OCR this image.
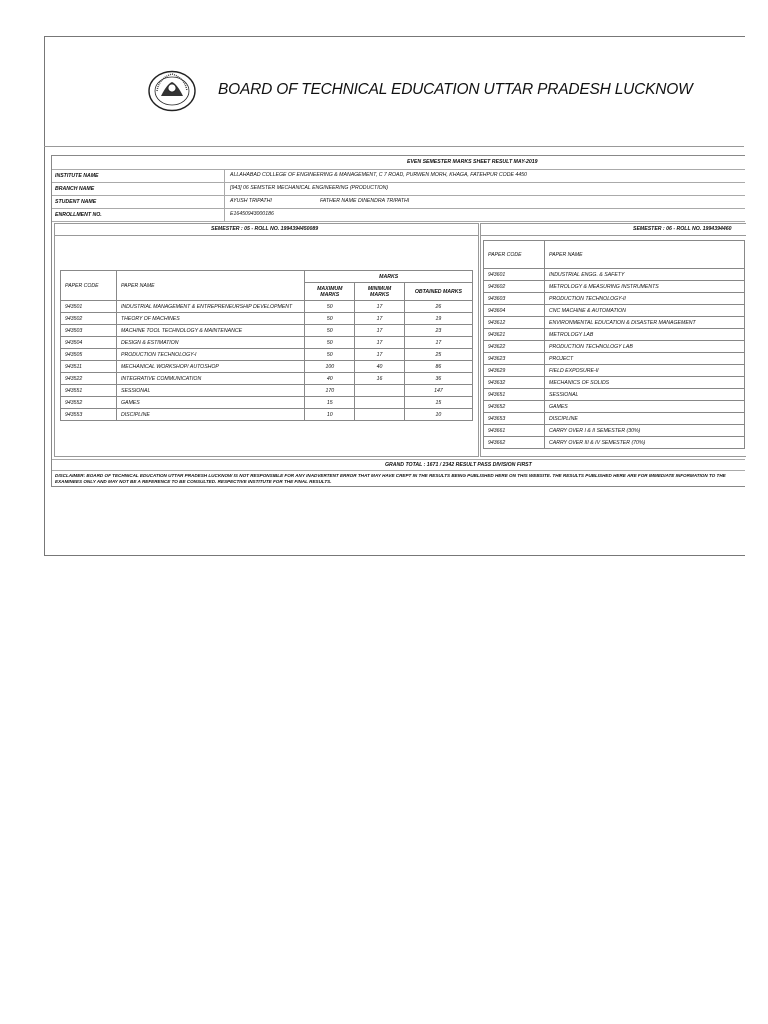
BOARD OF TECHNICAL EDUCATION UTTAR PRADESH LUCKNOW
EVEN SEMESTER MARKS SHEET RESULT MAY-2019
INSTITUTE NAME	ALLAHABAD COLLEGE OF ENGINEERING & MANAGEMENT, C 7 ROAD, PURWEN MORH, KHAGA, FATEHPUR CODE 4450
BRANCH NAME	[943] 06 SEMSTER MECHANICAL ENGINEERING (PRODUCTION)
STUDENT NAME	AYUSH TRIPATHI	FATHER NAME DINENDRA TRIPATHI
ENROLLMENT NO.	E16450943000186
SEMESTER : 05 - ROLL NO. 1994394450089
PAPER CODE	PAPER NAME	MARKS		
		MAXIMUM MARKS	MINIMUM MARKS	OBTAINED MARKS
943501	INDUSTRIAL MANAGEMENT & ENTREPRENEURSHIP DEVELOPMENT	50	17	26
943502	THEORY OF MACHINES	50	17	19
943503	MACHINE TOOL TECHNOLOGY & MAINTENANCE	50	17	23
943504	DESIGN & ESTIMATION	50	17	17
943505	PRODUCTION TECHNOLOGY-I	50	17	25
943511	MECHANICAL WORKSHOP/ AUTOSHOP	100	40	86
943522	INTEGRATIVE COMMUNICATION	40	16	36
943551	SESSIONAL	170		147
943552	GAMES	15		15
943553	DISCIPLINE	10		10
SEMESTER : 06 - ROLL NO. 1994394460
PAPER CODE	PAPER NAME
943601	INDUSTRIAL ENGG. & SAFETY
943602	METROLOGY & MEASURING INSTRUMENTS
943603	PRODUCTION TECHNOLOGY-II
943604	CNC MACHINE & AUTOMATION
943612	ENVIRONMENTAL EDUCATION & DISASTER MANAGEMENT
943621	METROLOGY LAB
943622	PRODUCTION TECHNOLOGY LAB
943623	PROJECT
943629	FIELD EXPOSURE-II
943632	MECHANICS OF SOLIDS
943651	SESSIONAL
943652	GAMES
943653	DISCIPLINE
943661	CARRY OVER I & II SEMESTER (30%)
943662	CARRY OVER III & IV SEMESTER (70%)
GRAND TOTAL : 1671 / 2342 RESULT PASS DIVISION FIRST
DISCLAIMER: BOARD OF TECHNICAL EDUCATION UTTAR PRADESH LUCKNOW IS NOT RESPONSIBLE FOR ANY INADVERTENT ERROR THAT MAY HAVE CREPT IN THE RESULTS BEING PUBLISHED HERE ON THIS WEBSITE. THE RESULTS PUBLISHED HERE ARE FOR IMMEDIATE INFORMATION TO THE EXAMINEES ONLY AND MAY NOT BE A REFERENCE TO BE CONSULTED. RESPECTIVE INSTITUTE FOR THE FINAL RESULTS.
